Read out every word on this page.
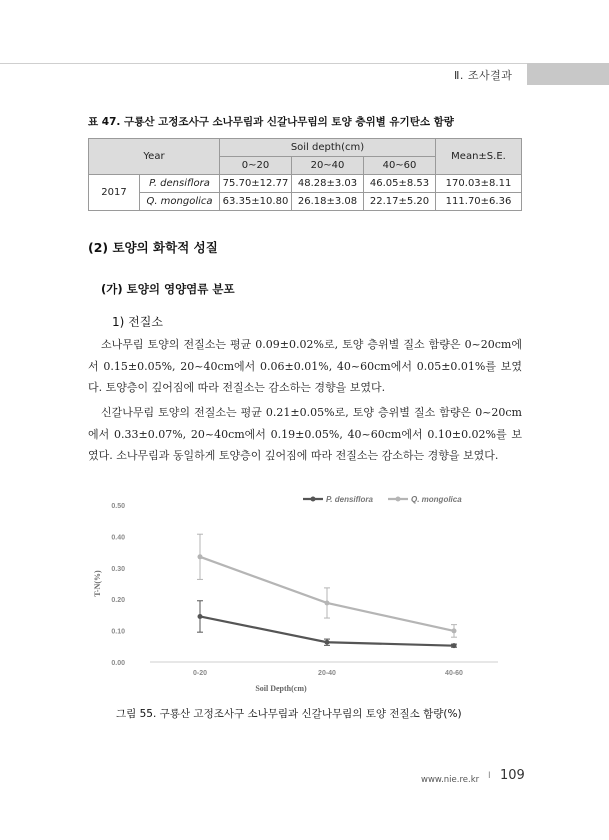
Ⅱ. 조사결과
표 47. 구룡산 고정조사구 소나무림과 신갈나무림의 토양 층위별 유기탄소 함량
Year		Soil depth(cm)			Mean±S.E.
		0~20	20~40	40~60	
2017	P. densiflora	75.70±12.77	48.28±3.03	46.05±8.53	170.03±8.11
	Q. mongolica	63.35±10.80	26.18±3.08	22.17±5.20	111.70±6.36
(2) 토양의 화학적 성질
(가) 토양의 영양염류 분포
1) 전질소
소나무림 토양의 전질소는 평균 0.09±0.02%로, 토양 층위별 질소 함량은 0~20cm에서 0.15±0.05%, 20~40cm에서 0.06±0.01%, 40~60cm에서 0.05±0.01%를 보였다. 토양층이 깊어짐에 따라 전질소는 감소하는 경향을 보였다.
신갈나무림 토양의 전질소는 평균 0.21±0.05%로, 토양 층위별 질소 함량은 0~20cm에서 0.33±0.07%, 20~40cm에서 0.19±0.05%, 40~60cm에서 0.10±0.02%를 보였다. 소나무림과 동일하게 토양층이 깊어짐에 따라 전질소는 감소하는 경향을 보였다.
0.00
0.10
0.20
0.30
0.40
0.50
0-20	20-40	40-60
Soil Depth(cm)
T-N(%)
P. densiflora	Q. mongolica
그림 55. 구룡산 고정조사구 소나무림과 신갈나무림의 토양 전질소 함량(%)
www.nie.re.kr I 109
